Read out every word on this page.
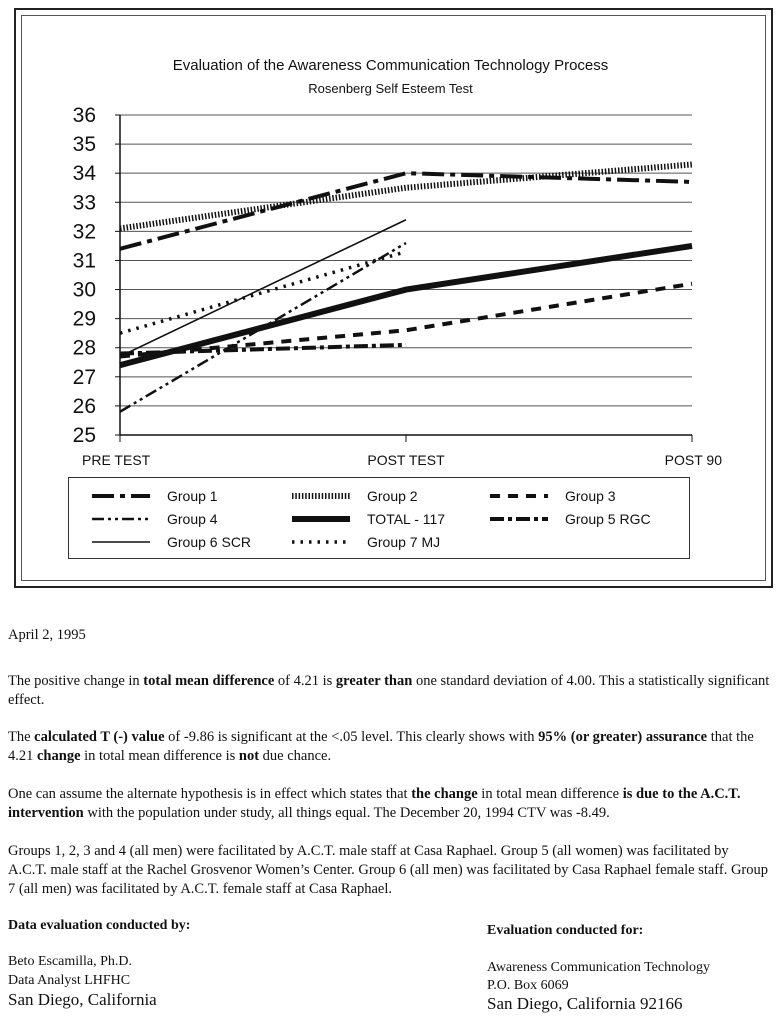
Evaluation of the Awareness Communication Technology Process
Rosenberg Self Esteem Test
25
26
27
28
29
30
31
32
33
34
35
36
PRE TEST	POST TEST	POST 90
Group 1	Group 2	Group 3
Group 4	TOTAL - 117	Group 5 RGC
Group 6 SCR	Group 7 MJ
April 2, 1995
The positive change in total mean difference of 4.21 is greater than one standard deviation of 4.00. This a statistically significant effect.
The calculated T (-) value of -9.86 is significant at the <.05 level. This clearly shows with 95% (or greater) assurance that the 4.21 change in total mean difference is not due chance.
One can assume the alternate hypothesis is in effect which states that the change in total mean difference is due to the A.C.T. intervention with the population under study, all things equal. The December 20, 1994 CTV was -8.49.
Groups 1, 2, 3 and 4 (all men) were facilitated by A.C.T. male staff at Casa Raphael. Group 5 (all women) was facilitated by A.C.T. male staff at the Rachel Grosvenor Women’s Center. Group 6 (all men) was facilitated by Casa Raphael female staff. Group 7 (all men) was facilitated by A.C.T. female staff at Casa Raphael.
Data evaluation conducted by:
Beto Escamilla, Ph.D.
Data Analyst LHFHC
San Diego, California
Evaluation conducted for:
Awareness Communication Technology
P.O. Box 6069
San Diego, California 92166
